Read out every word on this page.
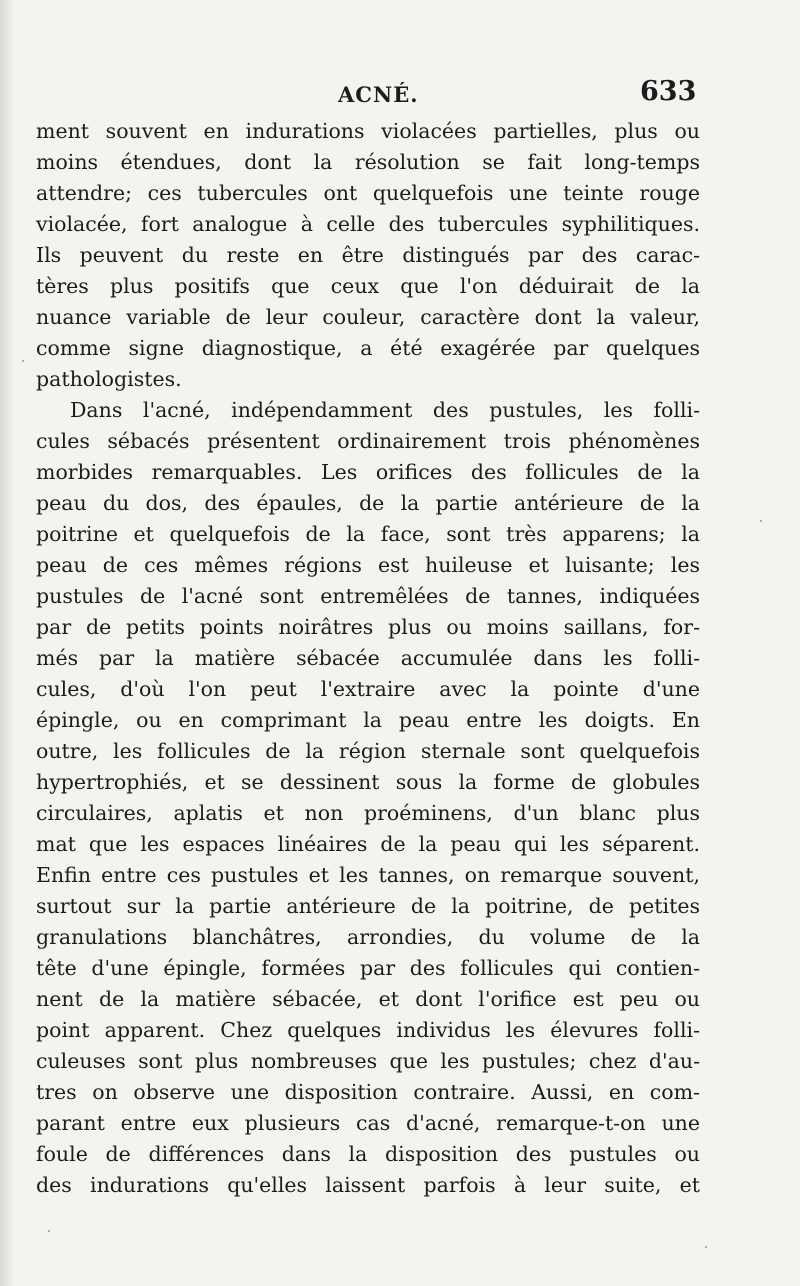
ACNÉ.	633
ment souvent en indurations violacées partielles, plus ou
moins étendues, dont la résolution se fait long-temps
attendre; ces tubercules ont quelquefois une teinte rouge
violacée, fort analogue à celle des tubercules syphilitiques.
Ils peuvent du reste en être distingués par des carac-
tères plus positifs que ceux que l'on déduirait de la
nuance variable de leur couleur, caractère dont la valeur,
comme signe diagnostique, a été exagérée par quelques
pathologistes.
Dans l'acné, indépendamment des pustules, les folli-
cules sébacés présentent ordinairement trois phénomènes
morbides remarquables. Les orifices des follicules de la
peau du dos, des épaules, de la partie antérieure de la
poitrine et quelquefois de la face, sont très apparens; la
peau de ces mêmes régions est huileuse et luisante; les
pustules de l'acné sont entremêlées de tannes, indiquées
par de petits points noirâtres plus ou moins saillans, for-
més par la matière sébacée accumulée dans les folli-
cules, d'où l'on peut l'extraire avec la pointe d'une
épingle, ou en comprimant la peau entre les doigts. En
outre, les follicules de la région sternale sont quelquefois
hypertrophiés, et se dessinent sous la forme de globules
circulaires, aplatis et non proéminens, d'un blanc plus
mat que les espaces linéaires de la peau qui les séparent.
Enfin entre ces pustules et les tannes, on remarque souvent,
surtout sur la partie antérieure de la poitrine, de petites
granulations blanchâtres, arrondies, du volume de la
tête d'une épingle, formées par des follicules qui contien-
nent de la matière sébacée, et dont l'orifice est peu ou
point apparent. Chez quelques individus les élevures folli-
culeuses sont plus nombreuses que les pustules; chez d'au-
tres on observe une disposition contraire. Aussi, en com-
parant entre eux plusieurs cas d'acné, remarque-t-on une
foule de différences dans la disposition des pustules ou
des indurations qu'elles laissent parfois à leur suite, et
